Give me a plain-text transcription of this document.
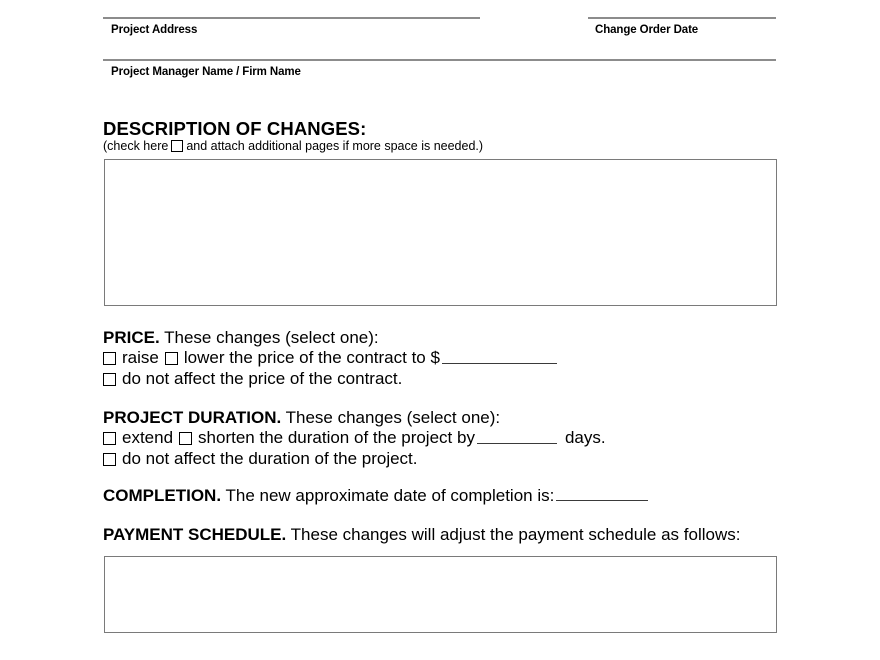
Project Address	Change Order Date
Project Manager Name / Firm Name
DESCRIPTION OF CHANGES:
(check here and attach additional pages if more space is needed.)
PRICE. These changes (select one):
raise lower the price of the contract to $
do not affect the price of the contract.
PROJECT DURATION. These changes (select one):
extend shorten the duration of the project by	days.
do not affect the duration of the project.
COMPLETION. The new approximate date of completion is:
PAYMENT SCHEDULE. These changes will adjust the payment schedule as follows:
